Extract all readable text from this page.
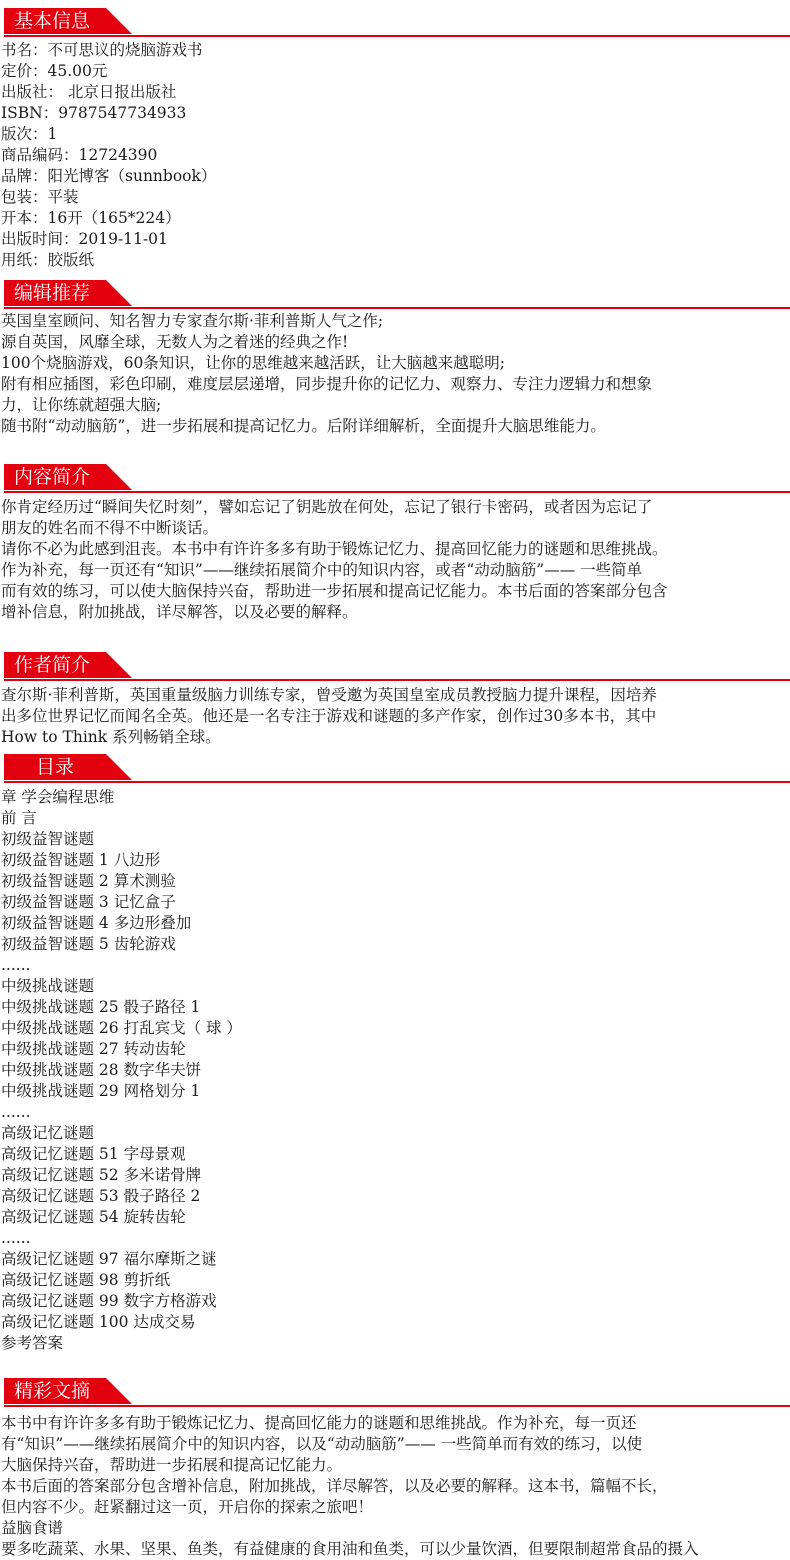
基本信息
书名：不可思议的烧脑游戏书
定价：45.00元
出版社： 北京日报出版社
ISBN：9787547734933
版次：1
商品编码：12724390
品牌：阳光博客（sunnbook）
包装：平装
开本：16开（165*224）
出版时间：2019-11-01
用纸：胶版纸
编辑推荐
英国皇室顾问、知名智力专家查尔斯·菲利普斯人气之作;
源自英国，风靡全球，无数人为之着迷的经典之作!
100个烧脑游戏，60条知识，让你的思维越来越活跃，让大脑越来越聪明;
附有相应插图，彩色印刷，难度层层递增，同步提升你的记忆力、观察力、专注力逻辑力和想象
力，让你练就超强大脑;
随书附“动动脑筋”，进一步拓展和提高记忆力。后附详细解析，全面提升大脑思维能力。
内容简介
你肯定经历过“瞬间失忆时刻”，譬如忘记了钥匙放在何处，忘记了银行卡密码，或者因为忘记了
朋友的姓名而不得不中断谈话。
请你不必为此感到沮丧。本书中有许许多多有助于锻炼记忆力、提高回忆能力的谜题和思维挑战。
作为补充，每一页还有“知识”——继续拓展简介中的知识内容，或者“动动脑筋”—— 一些简单
而有效的练习，可以使大脑保持兴奋，帮助进一步拓展和提高记忆能力。本书后面的答案部分包含
增补信息，附加挑战，详尽解答，以及必要的解释。
作者简介
查尔斯·菲利普斯，英国重量级脑力训练专家，曾受邀为英国皇室成员教授脑力提升课程，因培养
出多位世界记忆而闻名全英。他还是一名专注于游戏和谜题的多产作家，创作过30多本书，其中
How to Think 系列畅销全球。
目录
章 学会编程思维
前 言
初级益智谜题
初级益智谜题 1 八边形
初级益智谜题 2 算术测验
初级益智谜题 3 记忆盒子
初级益智谜题 4 多边形叠加
初级益智谜题 5 齿轮游戏
......
中级挑战谜题
中级挑战谜题 25 骰子路径 1
中级挑战谜题 26 打乱宾戈（ 球 ）
中级挑战谜题 27 转动齿轮
中级挑战谜题 28 数字华夫饼
中级挑战谜题 29 网格划分 1
......
高级记忆谜题
高级记忆谜题 51 字母景观
高级记忆谜题 52 多米诺骨牌
高级记忆谜题 53 骰子路径 2
高级记忆谜题 54 旋转齿轮
......
高级记忆谜题 97 福尔摩斯之谜
高级记忆谜题 98 剪折纸
高级记忆谜题 99 数字方格游戏
高级记忆谜题 100 达成交易
参考答案
精彩文摘
本书中有许许多多有助于锻炼记忆力、提高回忆能力的谜题和思维挑战。作为补充，每一页还
有“知识”——继续拓展简介中的知识内容，以及“动动脑筋”—— 一些简单而有效的练习，以使
大脑保持兴奋，帮助进一步拓展和提高记忆能力。
本书后面的答案部分包含增补信息，附加挑战，详尽解答，以及必要的解释。这本书，篇幅不长，
但内容不少。赶紧翻过这一页，开启你的探索之旅吧！
益脑食谱
要多吃蔬菜、水果、坚果、鱼类，有益健康的食用油和鱼类，可以少量饮酒，但要限制超常食品的摄入
